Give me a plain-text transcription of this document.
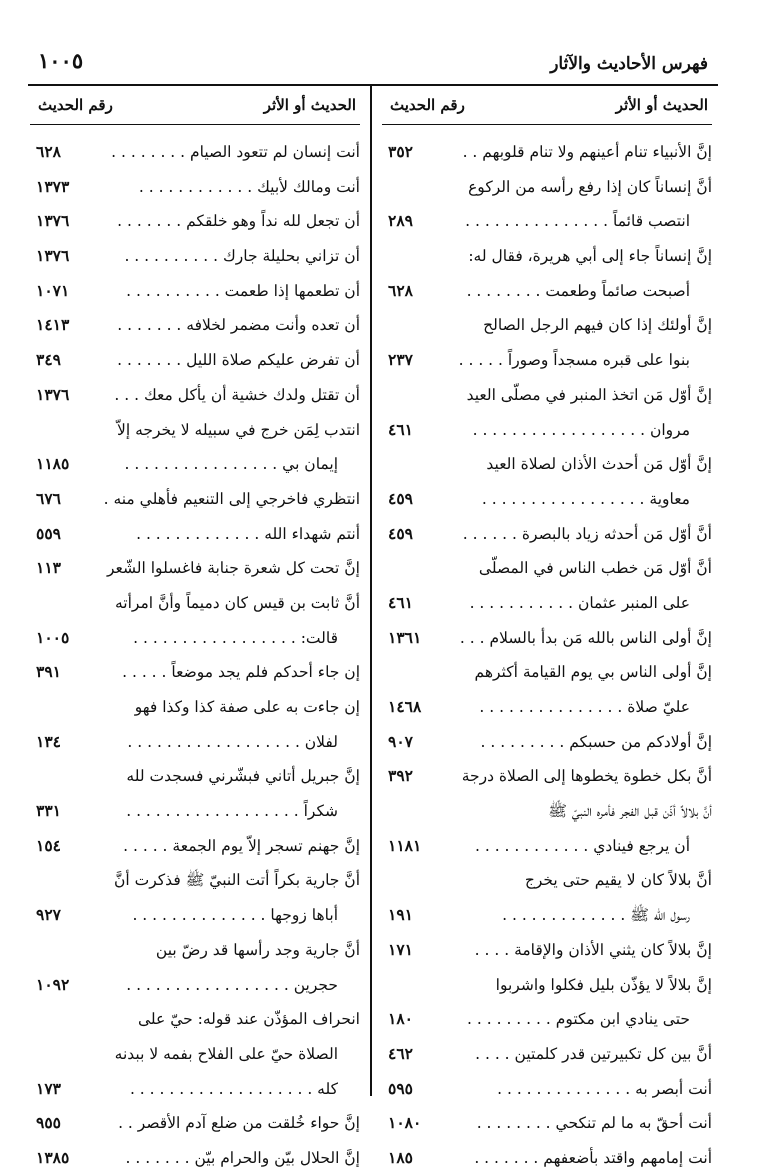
١٠٠٥	فهرس الأحاديث والآثار
الحديث أو الأثر
رقم الحديث
إنَّ الأنبياء تنام أعينهم ولا تنام قلوبهم . .
٣٥٢
أنَّ إنساناً كان إذا رفع رأسه من الركوع
انتصب قائماً . . . . . . . . . . . . . . .
٢٨٩
إنَّ إنساناً جاء إلى أبي هريرة، فقال له:
أصبحت صائماً وطعمت . . . . . . . .
٦٢٨
إنَّ أولئك إذا كان فيهم الرجل الصالح
بنوا على قبره مسجداً وصوراً . . . . .
٢٣٧
إنَّ أوّل مَن اتخذ المنبر في مصلّى العيد
مروان . . . . . . . . . . . . . . . . . .
٤٦١
إنَّ أوّل مَن أحدث الأذان لصلاة العيد
معاوية . . . . . . . . . . . . . . . . .
٤٥٩
أنَّ أوّل مَن أحدثه زياد بالبصرة . . . . . .
٤٥٩
أنَّ أوّل مَن خطب الناس في المصلّى
على المنبر عثمان . . . . . . . . . . .
٤٦١
إنَّ أولى الناس بالله مَن بدأ بالسلام . . .
١٣٦١
إنَّ أولى الناس بي يوم القيامة أكثرهم
عليّ صلاة . . . . . . . . . . . . . . .
١٤٦٨
إنَّ أولادكم من حسبكم . . . . . . . . .
٩٠٧
أنَّ بكل خطوة يخطوها إلى الصلاة درجة
٣٩٢
أنَّ بلالاً أذّن قبل الفجر فأمره النبيّ ﷺ
أن يرجع فينادي . . . . . . . . . . . .
١١٨١
أنَّ بلالاً كان لا يقيم حتى يخرج
رسول الله ﷺ . . . . . . . . . . . . .
١٩١
إنَّ بلالاً كان يثني الأذان والإقامة . . . .
١٧١
إنَّ بلالاً لا يؤذّن بليل فكلوا واشربوا
حتى ينادي ابن مكتوم . . . . . . . . .
١٨٠
أنَّ بين كل تكبيرتين قدر كلمتين . . . .
٤٦٢
أنت أبصر به . . . . . . . . . . . . . .
٥٩٥
أنت أحقّ به ما لم تنكحي . . . . . . . .
١٠٨٠
أنت إمامهم واقتد بأضعفهم . . . . . . .
١٨٥
الحديث أو الأثر
رقم الحديث
أنت إنسان لم تتعود الصيام . . . . . . . .
٦٢٨
أنت ومالك لأبيك . . . . . . . . . . . .
١٣٧٣
أن تجعل لله نداً وهو خلقكم . . . . . . .
١٣٧٦
أن تزاني بحليلة جارك . . . . . . . . . .
١٣٧٦
أن تطعمها إذا طعمت . . . . . . . . . .
١٠٧١
أن تعده وأنت مضمر لخلافه . . . . . . .
١٤١٣
أن تفرض عليكم صلاة الليل . . . . . . .
٣٤٩
أن تقتل ولدك خشية أن يأكل معك . . .
١٣٧٦
انتدب لِمَن خرج في سبيله لا يخرجه إلاّ
إيمان بي . . . . . . . . . . . . . . . .
١١٨٥
انتظري فاخرجي إلى التنعيم فأهلي منه .
٦٧٦
أنتم شهداء الله . . . . . . . . . . . . .
٥٥٩
إنَّ تحت كل شعرة جنابة فاغسلوا الشّعر
١١٣
أنَّ ثابت بن قيس كان دميماً وأنَّ امرأته
قالت: . . . . . . . . . . . . . . . . .
١٠٠٥
إن جاء أحدكم فلم يجد موضعاً . . . . .
٣٩١
إن جاءت به على صفة كذا وكذا فهو
لفلان . . . . . . . . . . . . . . . . . .
١٣٤
إنَّ جبريل أتاني فبشّرني فسجدت لله
شكراً . . . . . . . . . . . . . . . . . .
٣٣١
إنَّ جهنم تسجر إلاّ يوم الجمعة . . . . .
١٥٤
أنَّ جارية بكراً أتت النبيّ ﷺ فذكرت أنَّ
أباها زوجها . . . . . . . . . . . . . .
٩٢٧
أنَّ جارية وجد رأسها قد رضّ بين
حجرين . . . . . . . . . . . . . . . . .
١٠٩٢
انحراف المؤذّن عند قوله: حيّ على
الصلاة حيّ على الفلاح بفمه لا ببدنه
كله . . . . . . . . . . . . . . . . . . .
١٧٣
إنَّ حواء خُلقت من ضلع آدم الأقصر . .
٩٥٥
إنَّ الحلال بيّن والحرام بيّن . . . . . . .
١٣٨٥
